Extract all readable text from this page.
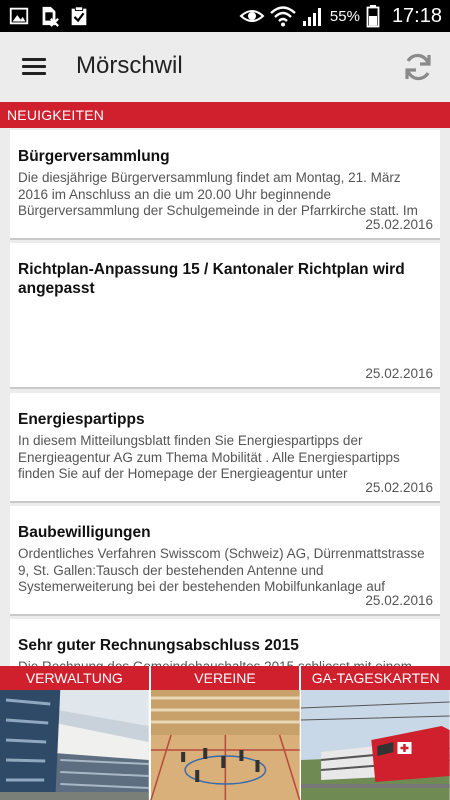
55% 17:18
Mörschwil
NEUIGKEITEN
Bürgerversammlung
Die diesjährige Bürgerversammlung findet am Montag, 21. März 2016 im Anschluss an die um 20.00 Uhr beginnende Bürgerversammlung der Schulgemeinde in der Pfarrkirche statt. Im
25.02.2016
Richtplan-Anpassung 15 / Kantonaler Richtplan wird angepasst
25.02.2016
Energiespartipps
In diesem Mitteilungsblatt finden Sie Energiespartipps der Energieagentur AG zum Thema Mobilität . Alle Energiespartipps finden Sie auf der Homepage der Energieagentur unter
25.02.2016
Baubewilligungen
Ordentliches Verfahren Swisscom (Schweiz) AG, Dürrenmattstrasse 9, St. Gallen:Tausch der bestehenden Antenne und Systemerweiterung bei der bestehenden Mobilfunkanlage auf
25.02.2016
Sehr guter Rechnungsabschluss 2015
VERWALTUNG	VEREINE	GA-TAGESKARTEN
